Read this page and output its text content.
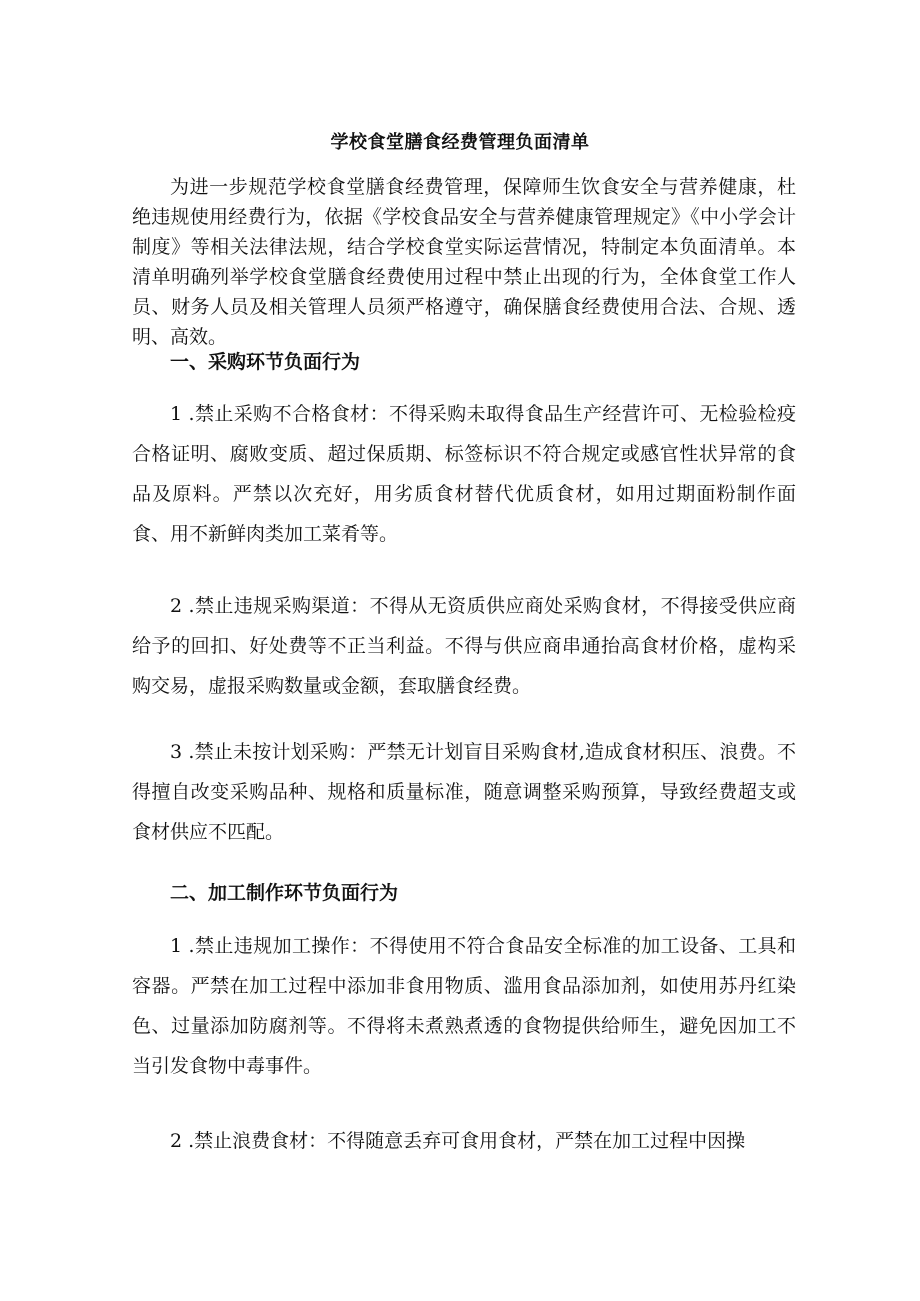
学校食堂膳食经费管理负面清单

为进一步规范学校食堂膳食经费管理，保障师生饮食安全与营养健康，杜绝违规使用经费行为，依据《学校食品安全与营养健康管理规定》《中小学会计制度》等相关法律法规，结合学校食堂实际运营情况，特制定本负面清单。本清单明确列举学校食堂膳食经费使用过程中禁止出现的行为，全体食堂工作人员、财务人员及相关管理人员须严格遵守，确保膳食经费使用合法、合规、透明、高效。

一、采购环节负面行为

1 .禁止采购不合格食材：不得采购未取得食品生产经营许可、无检验检疫合格证明、腐败变质、超过保质期、标签标识不符合规定或感官性状异常的食品及原料。严禁以次充好，用劣质食材替代优质食材，如用过期面粉制作面食、用不新鲜肉类加工菜肴等。

2 .禁止违规采购渠道：不得从无资质供应商处采购食材，不得接受供应商给予的回扣、好处费等不正当利益。不得与供应商串通抬高食材价格，虚构采购交易，虚报采购数量或金额，套取膳食经费。

3 .禁止未按计划采购：严禁无计划盲目采购食材,造成食材积压、浪费。不得擅自改变采购品种、规格和质量标准，随意调整采购预算，导致经费超支或食材供应不匹配。

二、加工制作环节负面行为

1 .禁止违规加工操作：不得使用不符合食品安全标准的加工设备、工具和容器。严禁在加工过程中添加非食用物质、滥用食品添加剂，如使用苏丹红染色、过量添加防腐剂等。不得将未煮熟煮透的食物提供给师生，避免因加工不当引发食物中毒事件。

2 .禁止浪费食材：不得随意丢弃可食用食材，严禁在加工过程中因操
